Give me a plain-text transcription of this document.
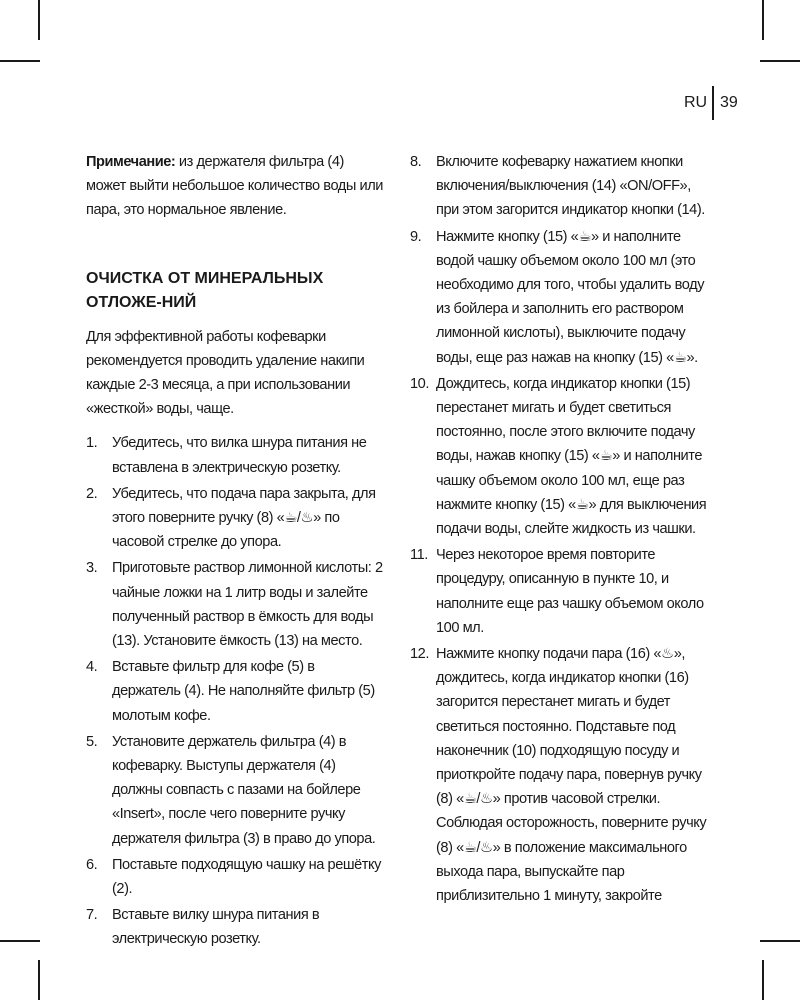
RU 39

Примечание: из держателя фильтра (4) может выйти небольшое количество воды или пара, это нормальное явление.

ОЧИСТКА ОТ МИНЕРАЛЬНЫХ ОТЛОЖЕ-НИЙ

Для эффективной работы кофеварки рекомендуется проводить удаление накипи каждые 2-3 месяца, а при использовании «жесткой» воды, чаще.

1. Убедитесь, что вилка шнура питания не вставлена в электрическую розетку.
2. Убедитесь, что подача пара закрыта, для этого поверните ручку (8) «☕/♨» по часовой стрелке до упора.
3. Приготовьте раствор лимонной кислоты: 2 чайные ложки на 1 литр воды и залейте полученный раствор в ёмкость для воды (13). Установите ёмкость (13) на место.
4. Вставьте фильтр для кофе (5) в держатель (4). Не наполняйте фильтр (5) молотым кофе.
5. Установите держатель фильтра (4) в кофеварку. Выступы держателя (4) должны совпасть с пазами на бойлере «Insert», после чего поверните ручку держателя фильтра (3) в право до упора.
6. Поставьте подходящую чашку на решётку (2).
7. Вставьте вилку шнура питания в электрическую розетку.
8. Включите кофеварку нажатием кнопки включения/выключения (14) «ON/OFF», при этом загорится индикатор кнопки (14).
9. Нажмите кнопку (15) «☕» и наполните водой чашку объемом около 100 мл (это необходимо для того, чтобы удалить воду из бойлера и заполнить его раствором лимонной кислоты), выключите подачу воды, еще раз нажав на кнопку (15) «☕».
10. Дождитесь, когда индикатор кнопки (15) перестанет мигать и будет светиться постоянно, после этого включите подачу воды, нажав кнопку (15) «☕» и наполните чашку объемом около 100 мл, еще раз нажмите кнопку (15) «☕» для выключения подачи воды, слейте жидкость из чашки.
11. Через некоторое время повторите процедуру, описанную в пункте 10, и наполните еще раз чашку объемом около 100 мл.
12. Нажмите кнопку подачи пара (16) «♨», дождитесь, когда индикатор кнопки (16) загорится перестанет мигать и будет светиться постоянно. Подставьте под наконечник (10) подходящую посуду и приоткройте подачу пара, повернув ручку (8) «☕/♨» против часовой стрелки. Соблюдая осторожность, поверните ручку (8) «☕/♨» в положение максимального выхода пара, выпускайте пар приблизительно 1 минуту, закройте
